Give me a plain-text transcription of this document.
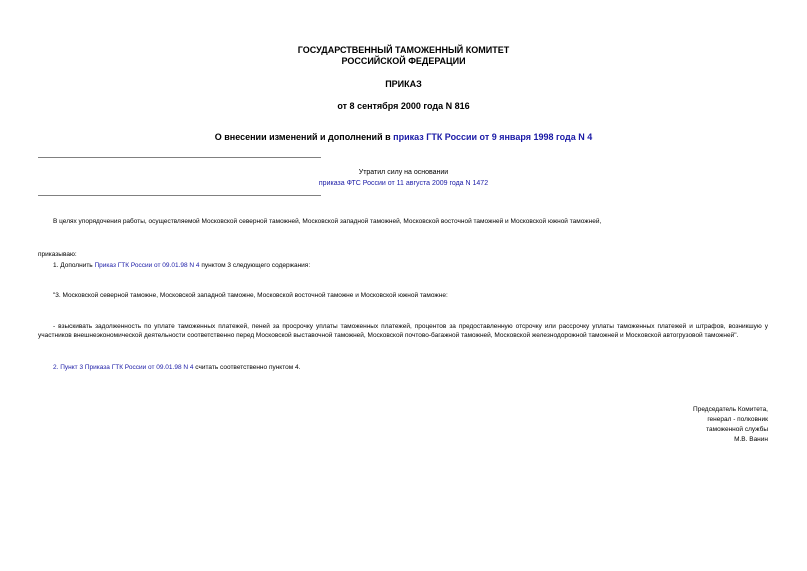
ГОСУДАРСТВЕННЫЙ ТАМОЖЕННЫЙ КОМИТЕТ
РОССИЙСКОЙ ФЕДЕРАЦИИ
ПРИКАЗ
от 8 сентября 2000 года N 816
О внесении изменений и дополнений в приказ ГТК России от 9 января 1998 года N 4
Утратил силу на основании
приказа ФТС России от 11 августа 2009 года N 1472
В целях упорядочения работы, осуществляемой Московской северной таможней, Московской западной таможней, Московской восточной таможней и Московской южной таможней,
приказываю:
1. Дополнить Приказ ГТК России от 09.01.98 N 4 пунктом 3 следующего содержания:
"3. Московской северной таможне, Московской западной таможне, Московской восточной таможне и Московской южной таможне:
- взыскивать задолженность по уплате таможенных платежей, пеней за просрочку уплаты таможенных платежей, процентов за предоставленную отсрочку или рассрочку уплаты таможенных платежей и штрафов, возникшую у участников внешнеэкономической деятельности соответственно перед Московской выставочной таможней, Московской почтово-багажной таможней, Московской железнодорожной таможней и Московской автогрузовой таможней".
2. Пункт 3 Приказа ГТК России от 09.01.98 N 4 считать соответственно пунктом 4.
Председатель Комитета,
генерал - полковник
таможенной службы
М.В. Ванин
